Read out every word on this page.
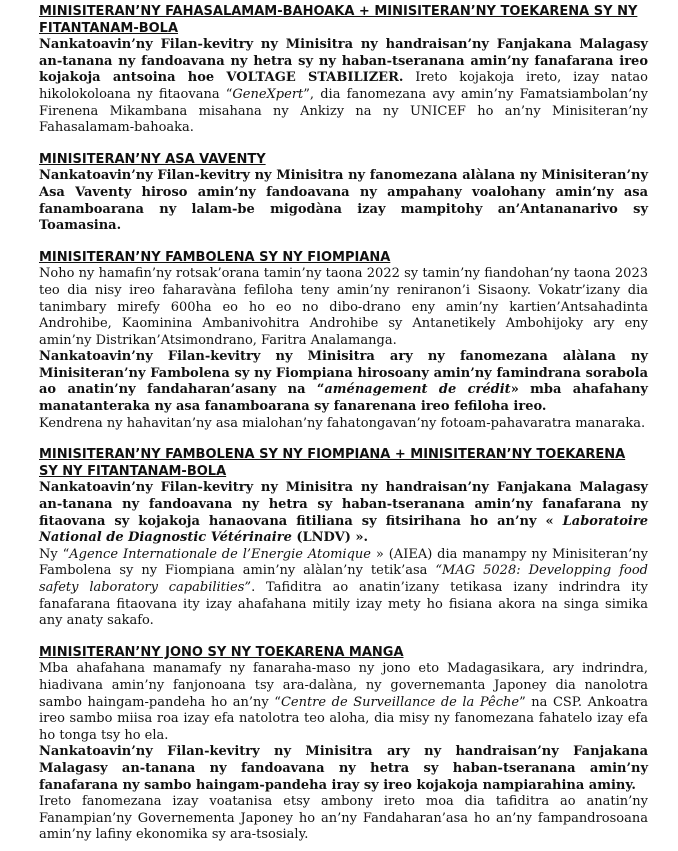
MINISITERAN’NY FAHASALAMAM-BAHOAKA + MINISITERAN’NY TOEKARENA SY NY FITANTANAM-BOLA

Nankatoavin’ny Filan-kevitry ny Minisitra ny handraisan’ny Fanjakana Malagasy an-tanana ny fandoavana ny hetra sy ny haban-tseranana amin’ny fanafarana ireo kojakoja antsoina hoe VOLTAGE STABILIZER. Ireto kojakoja ireto, izay natao hikolokoloana ny fitaovana “GeneXpert”, dia fanomezana avy amin’ny Famatsiambolan’ny Firenena Mikambana misahana ny Ankizy na ny UNICEF ho an’ny Minisiteran’ny Fahasalamam-bahoaka.

MINISITERAN’NY ASA VAVENTY

Nankatoavin’ny Filan-kevitry ny Minisitra ny fanomezana alàlana ny Minisiteran’ny Asa Vaventy hiroso amin’ny fandoavana ny ampahany voalohany amin’ny asa fanamboarana ny lalam-be migodàna izay mampitohy an’Antananarivo sy Toamasina.

MINISITERAN’NY FAMBOLENA SY NY FIOMPIANA

Noho ny hamafin’ny rotsak’orana tamin’ny taona 2022 sy tamin’ny fiandohan’ny taona 2023 teo dia nisy ireo faharavàna fefiloha teny amin’ny reniranon’i Sisaony. Vokatr’izany dia tanimbary mirefy 600ha eo ho eo no dibo-drano eny amin’ny kartien’Antsahadinta Androhibe, Kaominina Ambanivohitra Androhibe sy Antanetikely Ambohijoky ary eny amin’ny Distrikan’Atsimondrano, Faritra Analamanga.

Nankatoavin’ny Filan-kevitry ny Minisitra ary ny fanomezana alàlana ny Minisiteran’ny Fambolena sy ny Fiompiana hirosoany amin’ny famindrana sorabola ao anatin’ny fandaharan’asany na “aménagement de crédit» mba ahafahany manatanteraka ny asa fanamboarana sy fanarenana ireo fefiloha ireo.

Kendrena ny hahavitan’ny asa mialohan’ny fahatongavan’ny fotoam-pahavaratra manaraka.

MINISITERAN’NY FAMBOLENA SY NY FIOMPIANA + MINISITERAN’NY TOEKARENA SY NY FITANTANAM-BOLA

Nankatoavin’ny Filan-kevitry ny Minisitra ny handraisan’ny Fanjakana Malagasy an-tanana ny fandoavana ny hetra sy haban-tseranana amin’ny fanafarana ny fitaovana sy kojakoja hanaovana fitiliana sy fitsirihana ho an’ny « Laboratoire National de Diagnostic Vétérinaire (LNDV) ».

Ny “Agence Internationale de l’Energie Atomique » (AIEA) dia manampy ny Minisiteran’ny Fambolena sy ny Fiompiana amin’ny alàlan’ny tetik’asa “MAG 5028: Developping food safety laboratory capabilities”. Tafiditra ao anatin’izany tetikasa izany indrindra ity fanafarana fitaovana ity izay ahafahana mitily izay mety ho fisiana akora na singa simika any anaty sakafo.

MINISITERAN’NY JONO SY NY TOEKARENA MANGA

Mba ahafahana manamafy ny fanaraha-maso ny jono eto Madagasikara, ary indrindra, hiadivana amin’ny fanjonoana tsy ara-dalàna, ny governemanta Japoney dia nanolotra sambo haingam-pandeha ho an’ny “Centre de Surveillance de la Pêche” na CSP. Ankoatra ireo sambo miisa roa izay efa natolotra teo aloha, dia misy ny fanomezana fahatelo izay efa ho tonga tsy ho ela.

Nankatoavin’ny Filan-kevitry ny Minisitra ary ny handraisan’ny Fanjakana Malagasy an-tanana ny fandoavana ny hetra sy haban-tseranana amin’ny fanafarana ny sambo haingam-pandeha iray sy ireo kojakoja nampiarahina aminy.

Ireto fanomezana izay voatanisa etsy ambony ireto moa dia tafiditra ao anatin’ny Fanampian’ny Governementa Japoney ho an’ny Fandaharan’asa ho an’ny fampandrosoana amin’ny lafiny ekonomika sy ara-tsosialy.
